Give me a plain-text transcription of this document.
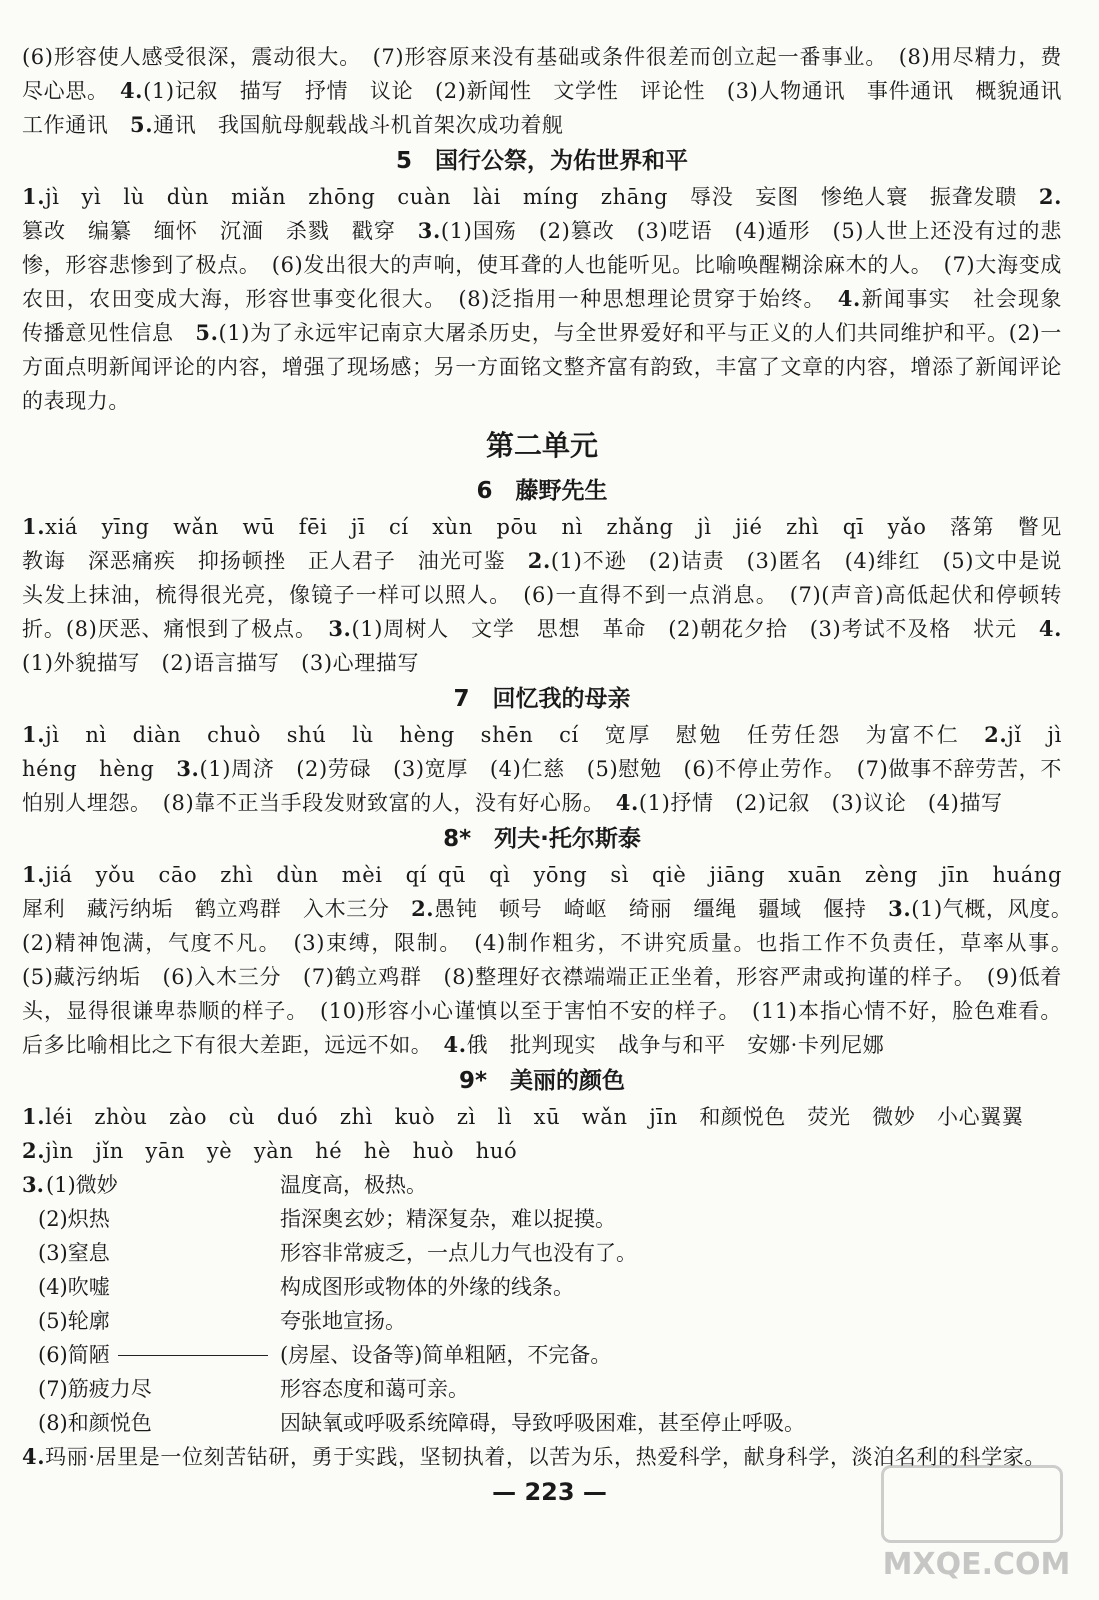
(6)形容使人感受很深，震动很大。　(7)形容原来没有基础或条件很差而创立起一番事业。　(8)用尽精力，费尽心思。　4.(1)记叙　描写　抒情　议论　(2)新闻性　文学性　评论性　(3)人物通讯　事件通讯　概貌通讯　工作通讯　5.通讯　我国航母舰载战斗机首架次成功着舰

5　国行公祭，为佑世界和平

1.jì　yì　lù　dùn　miǎn　zhōng　cuàn　lài　míng　zhāng　辱没　妄图　惨绝人寰　振聋发聩　2.篡改　编纂　缅怀　沉湎　杀戮　戳穿　3.(1)国殇　(2)篡改　(3)呓语　(4)遁形　(5)人世上还没有过的悲惨，形容悲惨到了极点。　(6)发出很大的声响，使耳聋的人也能听见。比喻唤醒糊涂麻木的人。　(7)大海变成农田，农田变成大海，形容世事变化很大。　(8)泛指用一种思想理论贯穿于始终。　4.新闻事实　社会现象　传播意见性信息　5.(1)为了永远牢记南京大屠杀历史，与全世界爱好和平与正义的人们共同维护和平。(2)一方面点明新闻评论的内容，增强了现场感；另一方面铭文整齐富有韵致，丰富了文章的内容，增添了新闻评论的表现力。

第二单元
6　藤野先生

1.xiá　yīng　wǎn　wū　fēi　jī　cí　xùn　pōu　nì　zhǎng　jì　jié　zhì　qī　yǎo　落第　瞥见　教诲　深恶痛疾　抑扬顿挫　正人君子　油光可鉴　2.(1)不逊　(2)诘责　(3)匿名　(4)绯红　(5)文中是说头发上抹油，梳得很光亮，像镜子一样可以照人。　(6)一直得不到一点消息。　(7)(声音)高低起伏和停顿转折。(8)厌恶、痛恨到了极点。　3.(1)周树人　文学　思想　革命　(2)朝花夕拾　(3)考试不及格　状元　4.(1)外貌描写　(2)语言描写　(3)心理描写

7　回忆我的母亲

1.jì　nì　diàn　chuò　shú　lù　hèng　shēn　cí　宽厚　慰勉　任劳任怨　为富不仁　2.jǐ　jì　héng　hèng　3.(1)周济　(2)劳碌　(3)宽厚　(4)仁慈　(5)慰勉　(6)不停止劳作。　(7)做事不辞劳苦，不怕别人埋怨。　(8)靠不正当手段发财致富的人，没有好心肠。　4.(1)抒情　(2)记叙　(3)议论　(4)描写

8*　列夫·托尔斯泰

1.jiá　yǒu　cāo　zhì　dùn　mèi　qí qū　qì　yōng　sì　qiè　jiāng　xuān　zèng　jīn　huáng　犀利　藏污纳垢　鹤立鸡群　入木三分　2.愚钝　顿号　崎岖　绮丽　缰绳　疆域　偃持　3.(1)气概，风度。　(2)精神饱满，气度不凡。　(3)束缚，限制。　(4)制作粗劣，不讲究质量。也指工作不负责任，草率从事。　(5)藏污纳垢　(6)入木三分　(7)鹤立鸡群　(8)整理好衣襟端端正正坐着，形容严肃或拘谨的样子。　(9)低着头，显得很谦卑恭顺的样子。　(10)形容小心谨慎以至于害怕不安的样子。　(11)本指心情不好，脸色难看。后多比喻相比之下有很大差距，远远不如。　4.俄　批判现实　战争与和平　安娜·卡列尼娜

9*　美丽的颜色

1.léi　zhòu　zào　cù　duó　zhì　kuò　zì　lì　xū　wǎn　jīn　和颜悦色　荧光　微妙　小心翼翼

2.jìn　jǐn　yān　yè　yàn　hé　hè　huò　huó

3. (1)微妙	温度高，极热。
(2)炽热	指深奥玄妙；精深复杂，难以捉摸。
(3)窒息	形容非常疲乏，一点儿力气也没有了。
(4)吹嘘	构成图形或物体的外缘的线条。
(5)轮廓	夸张地宣扬。
(6)简陋	(房屋、设备等)简单粗陋，不完备。
(7)筋疲力尽	形容态度和蔼可亲。
(8)和颜悦色	因缺氧或呼吸系统障碍，导致呼吸困难，甚至停止呼吸。

4.玛丽·居里是一位刻苦钻研，勇于实践，坚韧执着，以苦为乐，热爱科学，献身科学，淡泊名利的科学家。

— 223 —
MXQE.COM
